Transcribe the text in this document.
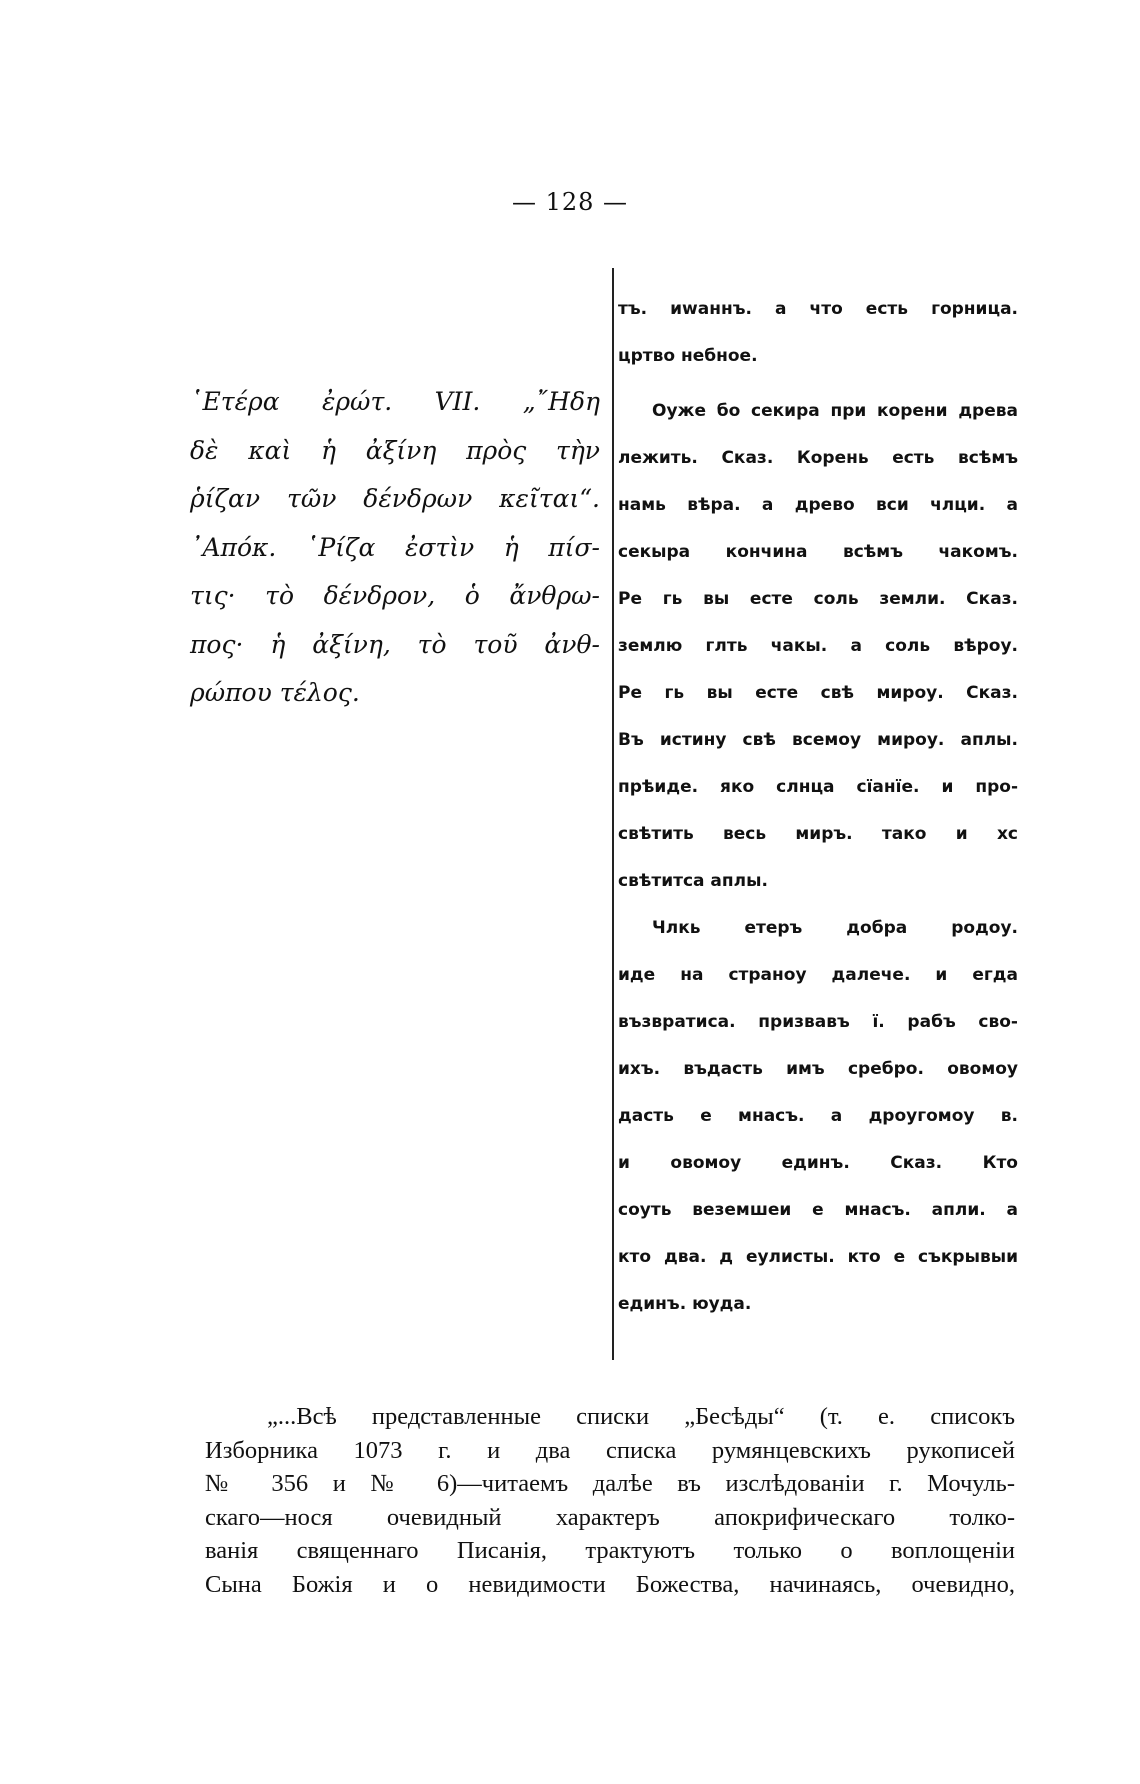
— 128 —
῾Ετέρα ἐρώτ. VII. „῎Ηδη
δὲ καὶ ἡ ἀξίνη πρὸς τὴν
ῥίζαν τῶν δένδρων κεῖται“.
᾿Απόκ. ῾Ρίζα ἐστὶν ἡ πίσ-
τις· τὸ δένδρον, ὁ ἄνθρω-
πος· ἡ ἀξίνη, τὸ τοῦ ἀνθ-
ρώπου τέλος.
тъ. иwаннъ. а что есть горница.
цртво небное.
Оуже бо секира при корени древа
лежить. Сказ. Корень есть всѣмъ
намь вѣра. а древо вси члци. а
секыра кончина всѣмъ чакомъ.
Ре гь вы есте соль земли. Сказ.
землю глть чакы. а соль вѣроу.
Ре гь вы есте свѣ мироу. Сказ.
Въ истину свѣ всемоу мироу. аплы.
прѣиде. яко слнца сїанїе. и про-
свѣтить весь миръ. тако и хс
свѣтитса аплы.
Члкь етеръ добра родоу.
иде на страноу далече. и егда
възвратиса. призвавъ ї. рабъ сво-
ихъ. въдасть имъ сребро. овомоу
дасть е мнасъ. а дроугомоу в.
и овомоу единъ. Сказ. Кто
соуть веземшеи е мнасъ. апли. а
кто два. д еулисты. кто е съкрывыи
единъ. юуда.
„...Всѣ представленные списки „Бесѣды“ (т. е. списокъ
Изборника 1073 г. и два списка румянцевскихъ рукописей
№ 356 и № 6)—читаемъ далѣе въ изслѣдованіи г. Мочуль-
скаго—нося очевидный характеръ апокрифическаго толко-
ванія священнаго Писанія, трактуютъ только о воплощеніи
Сына Божія и о невидимости Божества, начинаясь, очевидно,
